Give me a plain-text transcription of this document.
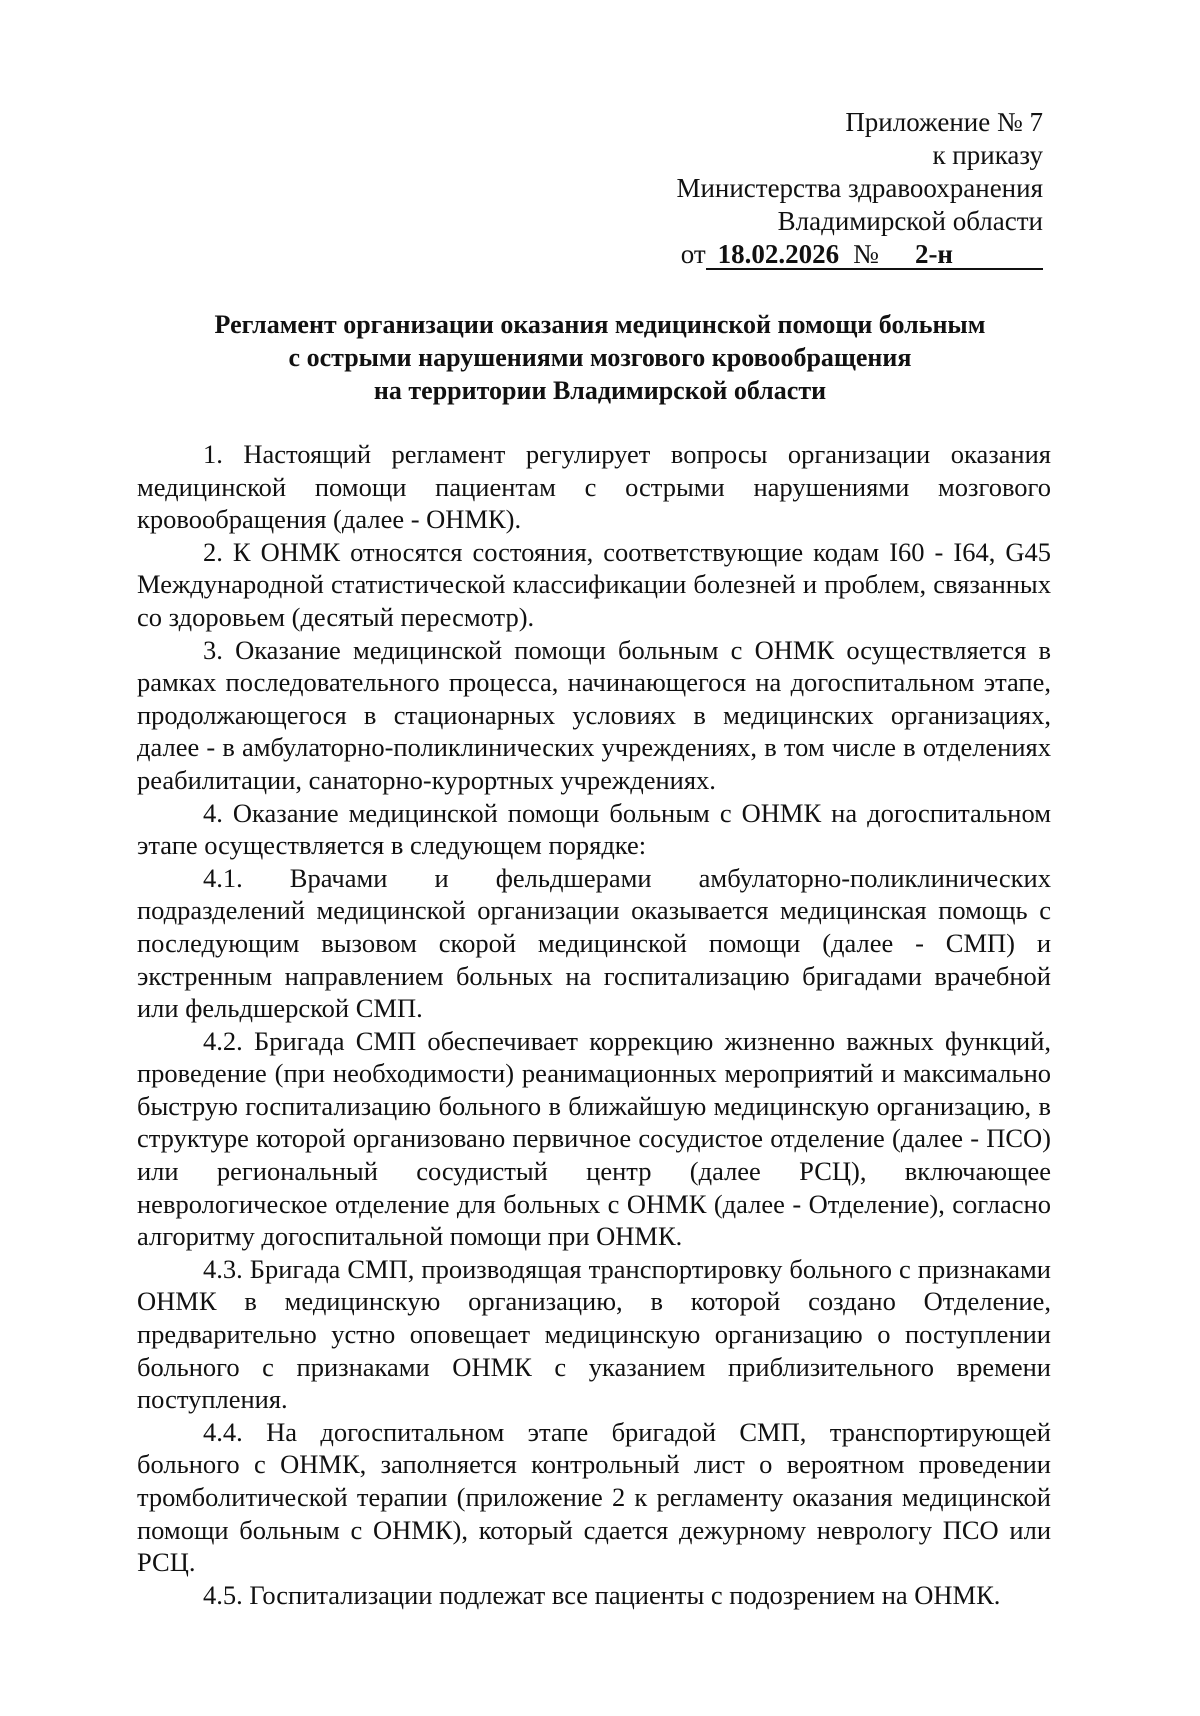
Приложение № 7
к приказу
Министерства здравоохранения
Владимирской области
от 18.02.2026 № 2-н
Регламент организации оказания медицинской помощи больным
с острыми нарушениями мозгового кровообращения
на территории Владимирской области

1. Настоящий регламент регулирует вопросы организации оказания медицинской помощи пациентам с острыми нарушениями мозгового кровообращения (далее - ОНМК).

2. К ОНМК относятся состояния, соответствующие кодам I60 - I64, G45 Международной статистической классификации болезней и проблем, связанных со здоровьем (десятый пересмотр).

3. Оказание медицинской помощи больным с ОНМК осуществляется в рамках последовательного процесса, начинающегося на догоспитальном этапе, продолжающегося в стационарных условиях в медицинских организациях, далее - в амбулаторно-поликлинических учреждениях, в том числе в отделениях реабилитации, санаторно-курортных учреждениях.

4. Оказание медицинской помощи больным с ОНМК на догоспитальном этапе осуществляется в следующем порядке:

4.1. Врачами и фельдшерами амбулаторно-поликлинических подразделений медицинской организации оказывается медицинская помощь с последующим вызовом скорой медицинской помощи (далее - СМП) и экстренным направлением больных на госпитализацию бригадами врачебной или фельдшерской СМП.

4.2. Бригада СМП обеспечивает коррекцию жизненно важных функций, проведение (при необходимости) реанимационных мероприятий и максимально быструю госпитализацию больного в ближайшую медицинскую организацию, в структуре которой организовано первичное сосудистое отделение (далее - ПСО) или региональный сосудистый центр (далее РСЦ), включающее неврологическое отделение для больных с ОНМК (далее - Отделение), согласно алгоритму догоспитальной помощи при ОНМК.

4.3. Бригада СМП, производящая транспортировку больного с признаками ОНМК в медицинскую организацию, в которой создано Отделение, предварительно устно оповещает медицинскую организацию о поступлении больного с признаками ОНМК с указанием приблизительного времени поступления.

4.4. На догоспитальном этапе бригадой СМП, транспортирующей больного с ОНМК, заполняется контрольный лист о вероятном проведении тромболитической терапии (приложение 2 к регламенту оказания медицинской помощи больным с ОНМК), который сдается дежурному неврологу ПСО или РСЦ.

4.5. Госпитализации подлежат все пациенты с подозрением на ОНМК.
